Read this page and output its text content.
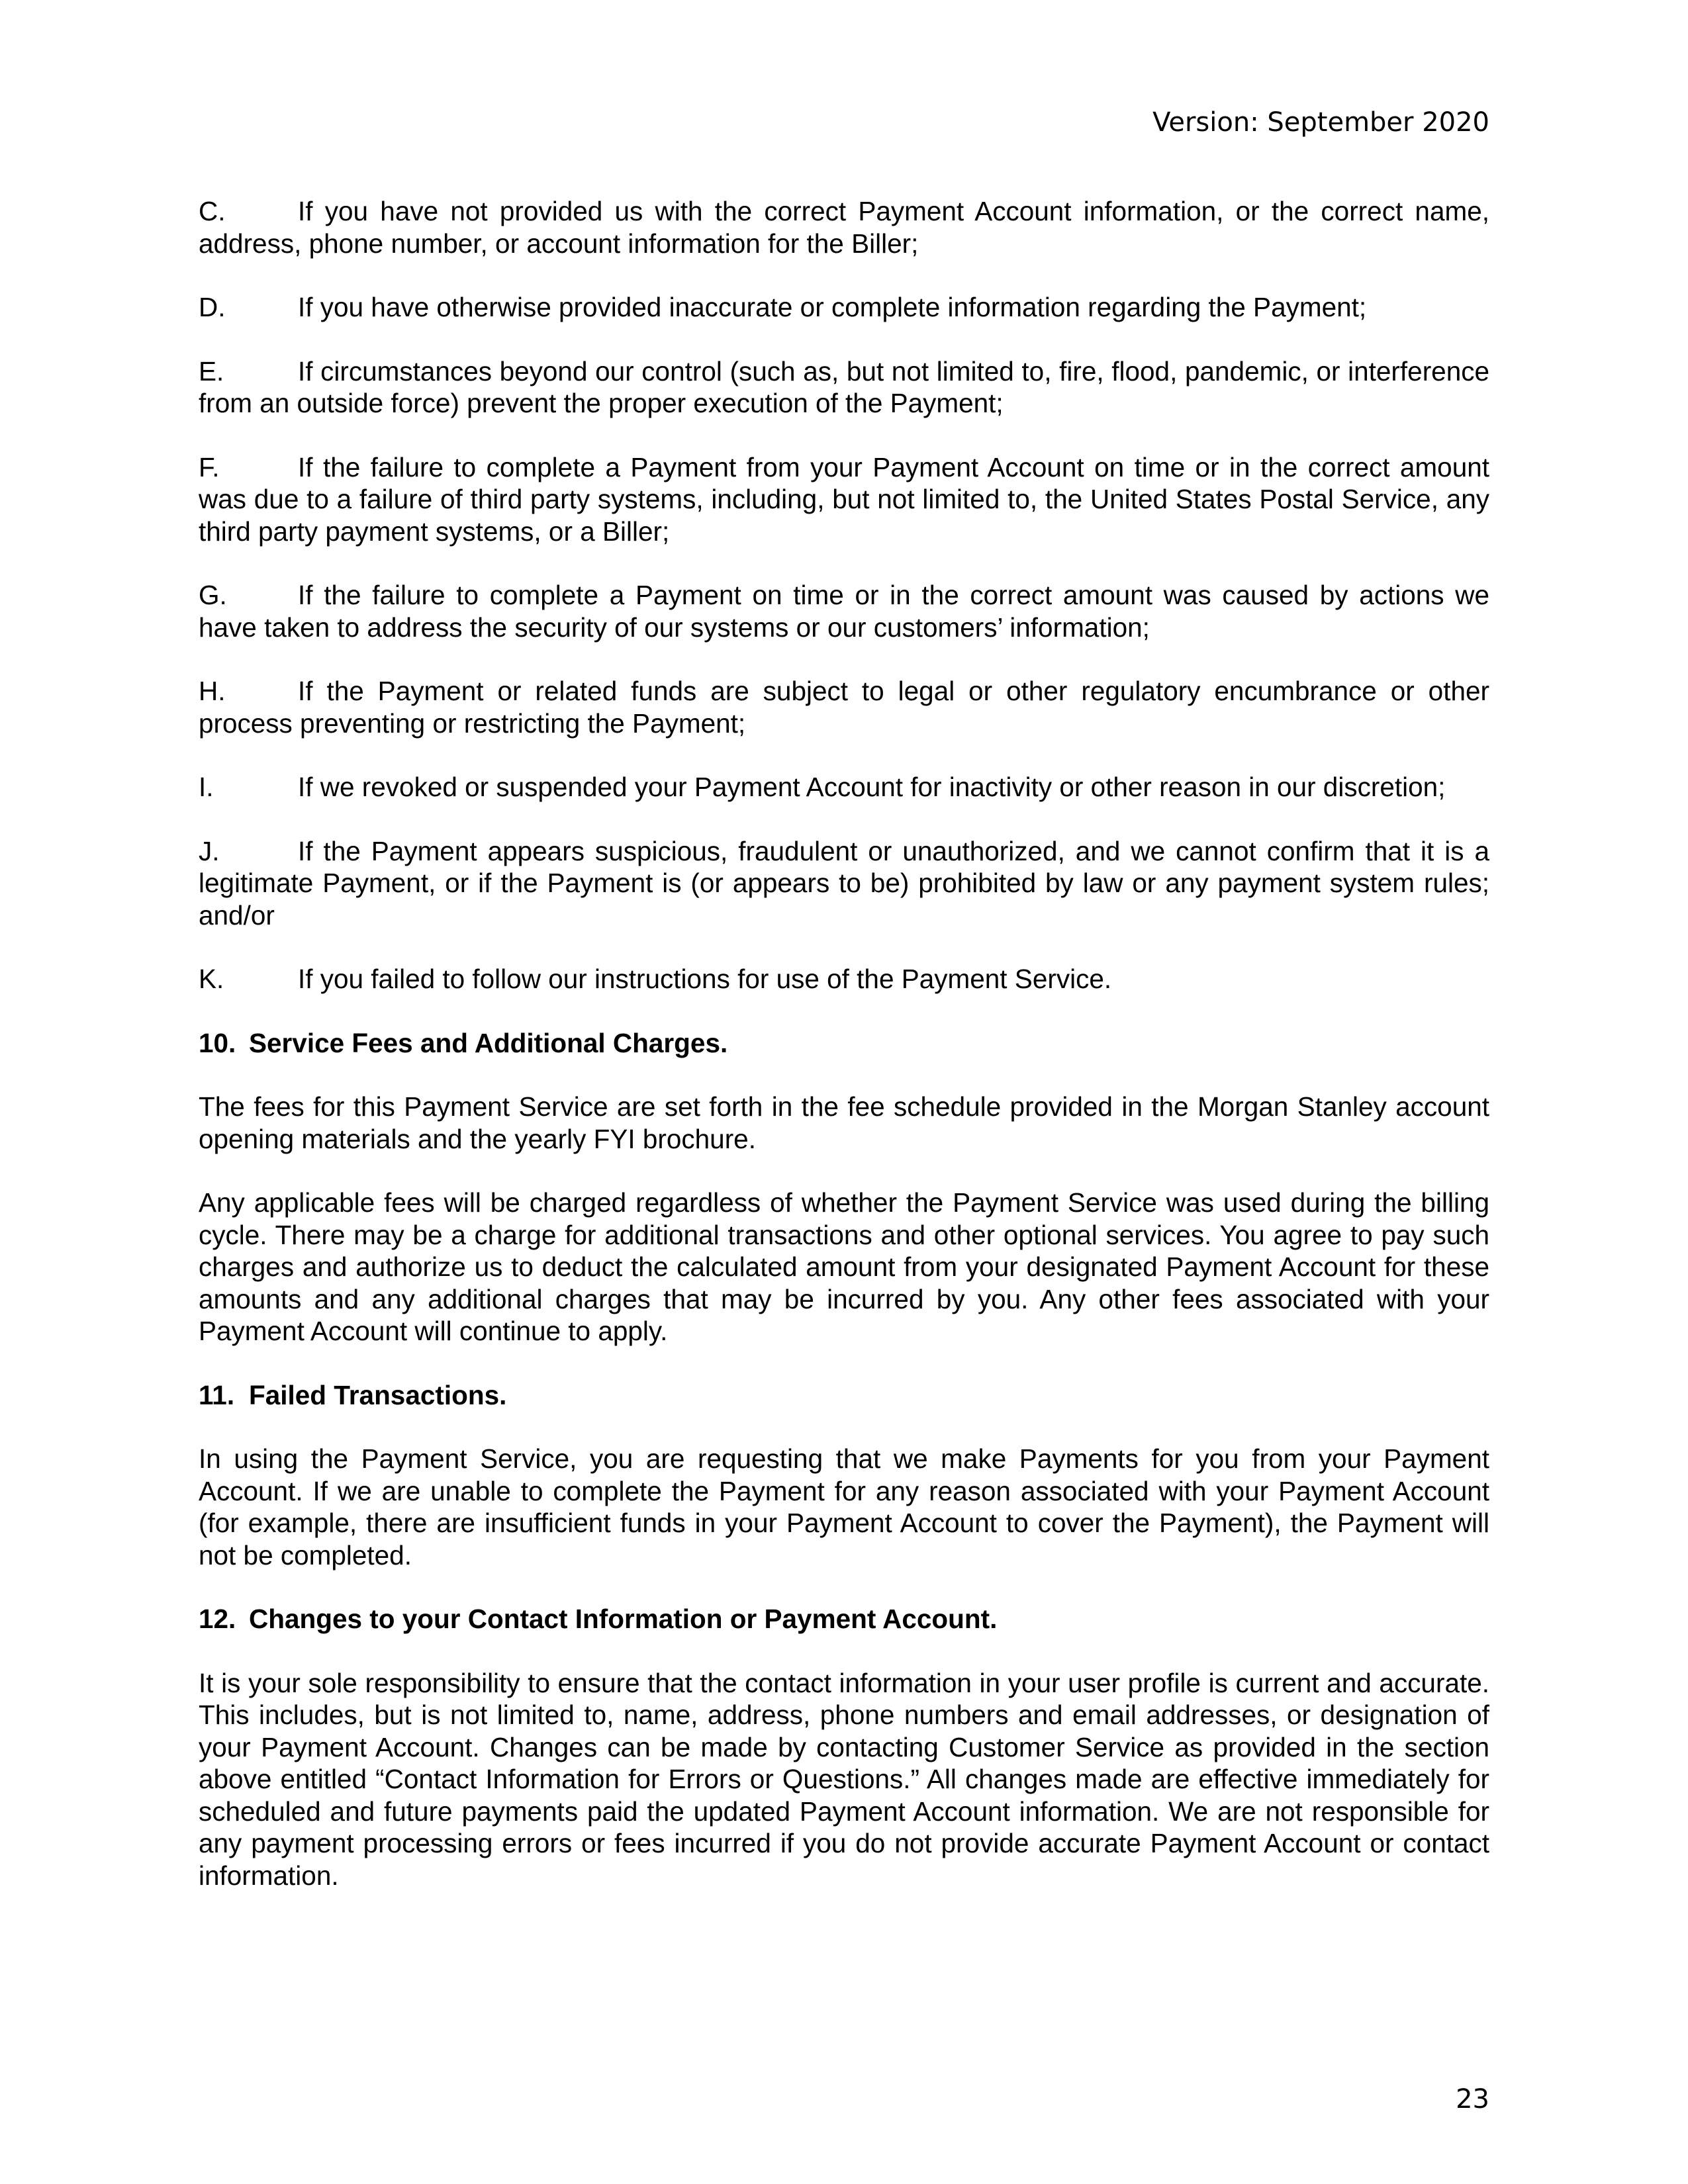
Version: September 2020
C.	If you have not provided us with the correct Payment Account information, or the correct name, address, phone number, or account information for the Biller;
D.	If you have otherwise provided inaccurate or complete information regarding the Payment;
E.	If circumstances beyond our control (such as, but not limited to, fire, flood, pandemic, or interference from an outside force) prevent the proper execution of the Payment;
F.	If the failure to complete a Payment from your Payment Account on time or in the correct amount was due to a failure of third party systems, including, but not limited to, the United States Postal Service, any third party payment systems, or a Biller;
G.	If the failure to complete a Payment on time or in the correct amount was caused by actions we have taken to address the security of our systems or our customers’ information;
H.	If the Payment or related funds are subject to legal or other regulatory encumbrance or other process preventing or restricting the Payment;
I.	If we revoked or suspended your Payment Account for inactivity or other reason in our discretion;
J.	If the Payment appears suspicious, fraudulent or unauthorized, and we cannot confirm that it is a legitimate Payment, or if the Payment is (or appears to be) prohibited by law or any payment system rules; and/or
K.	If you failed to follow our instructions for use of the Payment Service.
10. Service Fees and Additional Charges.

The fees for this Payment Service are set forth in the fee schedule provided in the Morgan Stanley account opening materials and the yearly FYI brochure.

Any applicable fees will be charged regardless of whether the Payment Service was used during the billing cycle. There may be a charge for additional transactions and other optional services. You agree to pay such charges and authorize us to deduct the calculated amount from your designated Payment Account for these amounts and any additional charges that may be incurred by you. Any other fees associated with your Payment Account will continue to apply.

11. Failed Transactions.

In using the Payment Service, you are requesting that we make Payments for you from your Payment Account. If we are unable to complete the Payment for any reason associated with your Payment Account (for example, there are insufficient funds in your Payment Account to cover the Payment), the Payment will not be completed.

12. Changes to your Contact Information or Payment Account.

It is your sole responsibility to ensure that the contact information in your user profile is current and accurate. This includes, but is not limited to, name, address, phone numbers and email addresses, or designation of your Payment Account. Changes can be made by contacting Customer Service as provided in the section above entitled “Contact Information for Errors or Questions.” All changes made are effective immediately for scheduled and future payments paid the updated Payment Account information. We are not responsible for any payment processing errors or fees incurred if you do not provide accurate Payment Account or contact information.

23
